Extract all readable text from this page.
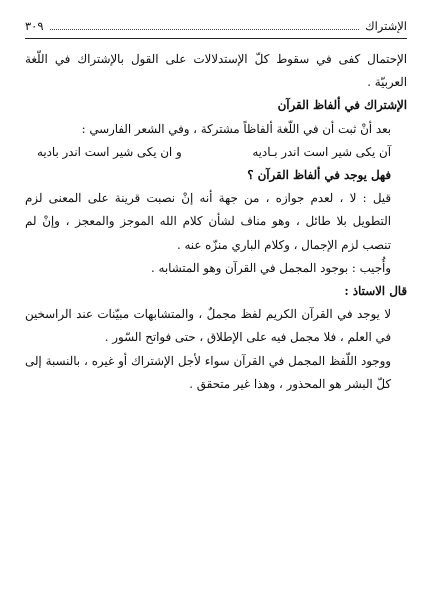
الإشتراك
٣٠٩

الإحتمال كفى في سقوط كلّ الإستدلالات على القول بالإشتراك في اللّغة العربيّة .

الإشتراك في ألفاظ القرآن

بعد أنْ ثبت أن في اللّغة ألفاظاً مشتركة ، وفي الشعر الفارسي :

آن يكى شير است اندر بـاديه
و ان يكى شير است اندر باديه

فهل يوجد في ألفاظ القرآن ؟

قيل : لا ، لعدم جوازه ، من جهة أنه إنْ نصبت قرينة على المعنى لزم التطويل بلا طائل ، وهو مناف لشأن كلام الله الموجز والمعجز ، وإنْ لم تنصب لزم الإجمال ، وكلام الباري منزّه عنه .

وأُجيب : بوجود المجمل في القرآن وهو المتشابه .

قال الاستاذ :

لا يوجد في القرآن الكريم لفظ مجملٌ ، والمتشابهات مبيّنات عند الراسخين في العلم ، فلا مجمل فيه على الإطلاق ، حتى فواتح السّور .

ووجود اللّفظ المجمل في القرآن سواء لأجل الإشتراك أو غيره ، بالنسبة إلى كلّ البشر هو المحذور ، وهذا غير متحقق .
